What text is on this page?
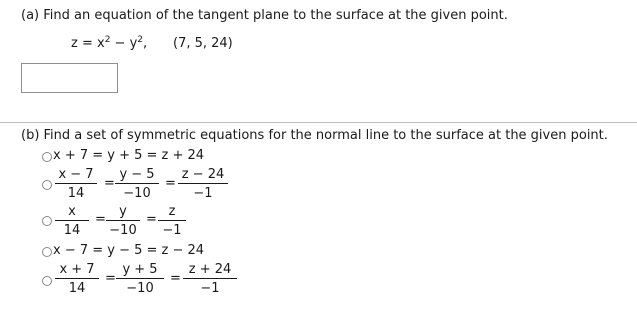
(a) Find an equation of the tangent plane to the surface at the given point.
$z = x^2 - y^2$, (7, 5, 24)
(b) Find a set of symmetric equations for the normal line to the surface at the given point.
x + 7 = y + 5 = z + 24
x − 7
14
=
y − 5
−10
=
z − 24
−1
x
14
=
y
−10
=
z
−1
x − 7 = y − 5 = z − 24
x + 7
14
=
y + 5
−10
=
z + 24
−1
